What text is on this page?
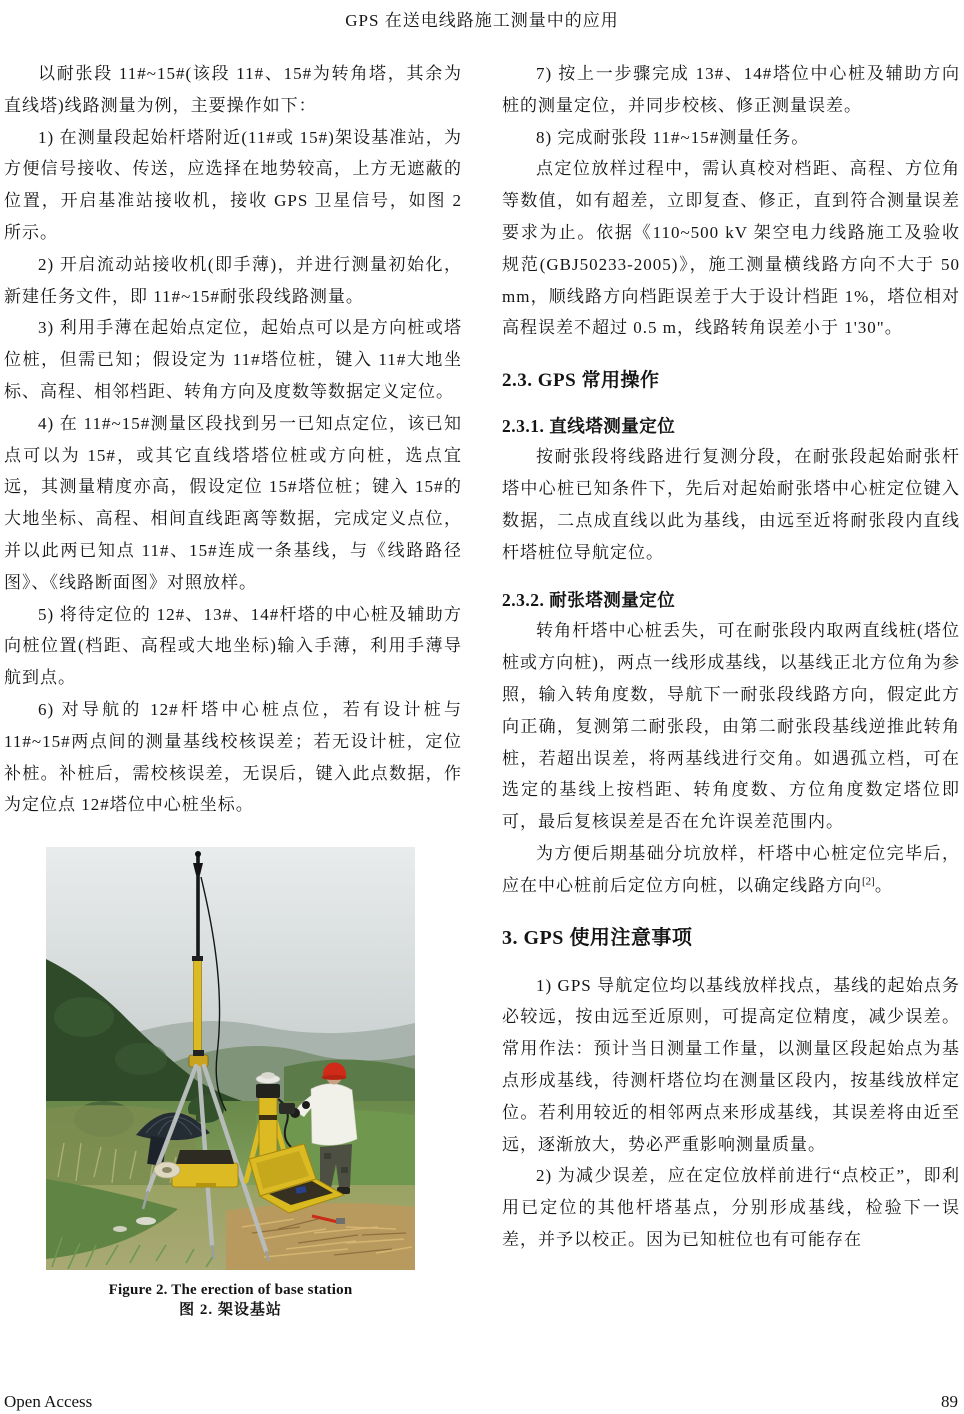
GPS 在送电线路施工测量中的应用

以耐张段 11#~15#(该段 11#、15#为转角塔，其余为直线塔)线路测量为例，主要操作如下：

1) 在测量段起始杆塔附近(11#或 15#)架设基准站，为方便信号接收、传送，应选择在地势较高，上方无遮蔽的位置，开启基准站接收机，接收 GPS 卫星信号，如图 2 所示。

2) 开启流动站接收机(即手薄)，并进行测量初始化，新建任务文件，即 11#~15#耐张段线路测量。

3) 利用手薄在起始点定位，起始点可以是方向桩或塔位桩，但需已知；假设定为 11#塔位桩，键入 11#大地坐标、高程、相邻档距、转角方向及度数等数据定义定位。

4) 在 11#~15#测量区段找到另一已知点定位，该已知点可以为 15#，或其它直线塔塔位桩或方向桩，选点宜远，其测量精度亦高，假设定位 15#塔位桩；键入 15#的大地坐标、高程、相间直线距离等数据，完成定义点位，并以此两已知点 11#、15#连成一条基线，与《线路路径图》、《线路断面图》对照放样。

5) 将待定位的 12#、13#、14#杆塔的中心桩及辅助方向桩位置(档距、高程或大地坐标)输入手薄，利用手薄导航到点。

6) 对导航的 12#杆塔中心桩点位，若有设计桩与 11#~15#两点间的测量基线校核误差；若无设计桩，定位补桩。补桩后，需校核误差，无误后，键入此点数据，作为定位点 12#塔位中心桩坐标。

Figure 2. The erection of base station
图 2. 架设基站

7) 按上一步骤完成 13#、14#塔位中心桩及辅助方向桩的测量定位，并同步校核、修正测量误差。

8) 完成耐张段 11#~15#测量任务。

点定位放样过程中，需认真校对档距、高程、方位角等数值，如有超差，立即复查、修正，直到符合测量误差要求为止。依据《110~500 kV 架空电力线路施工及验收规范(GBJ50233-2005)》，施工测量横线路方向不大于 50 mm，顺线路方向档距误差于大于设计档距 1%，塔位相对高程误差不超过 0.5 m，线路转角误差小于 1'30"。

2.3. GPS 常用操作
2.3.1. 直线塔测量定位

按耐张段将线路进行复测分段，在耐张段起始耐张杆塔中心桩已知条件下，先后对起始耐张塔中心桩定位键入数据，二点成直线以此为基线，由远至近将耐张段内直线杆塔桩位导航定位。

2.3.2. 耐张塔测量定位

转角杆塔中心桩丢失，可在耐张段内取两直线桩(塔位桩或方向桩)，两点一线形成基线，以基线正北方位角为参照，输入转角度数，导航下一耐张段线路方向，假定此方向正确，复测第二耐张段，由第二耐张段基线逆推此转角桩，若超出误差，将两基线进行交角。如遇孤立档，可在选定的基线上按档距、转角度数、方位角度数定塔位即可，最后复核误差是否在允许误差范围内。

为方便后期基础分坑放样，杆塔中心桩定位完毕后，应在中心桩前后定位方向桩，以确定线路方向[2]。

3. GPS 使用注意事项

1) GPS 导航定位均以基线放样找点，基线的起始点务必较远，按由远至近原则，可提高定位精度，减少误差。常用作法：预计当日测量工作量，以测量区段起始点为基点形成基线，待测杆塔位均在测量区段内，按基线放样定位。若利用较近的相邻两点来形成基线，其误差将由近至远，逐渐放大，势必严重影响测量质量。

2) 为减少误差，应在定位放样前进行“点校正”，即利用已定位的其他杆塔基点，分别形成基线，检验下一误差，并予以校正。因为已知桩位也有可能存在

Open Access	89
